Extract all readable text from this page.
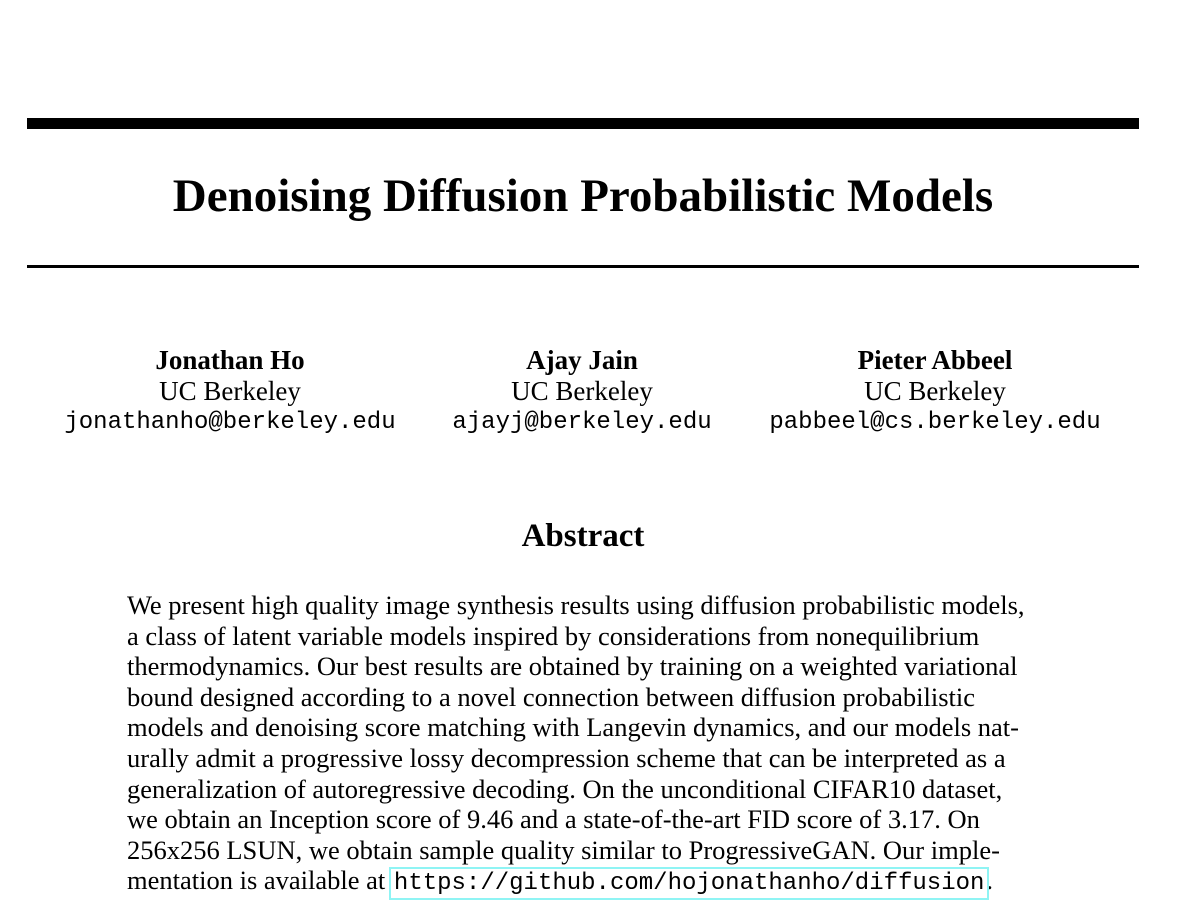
Denoising Diffusion Probabilistic Models
Jonathan Ho
UC Berkeley
jonathanho@berkeley.edu
Ajay Jain
UC Berkeley
ajayj@berkeley.edu
Pieter Abbeel
UC Berkeley
pabbeel@cs.berkeley.edu
Abstract
We present high quality image synthesis results using diffusion probabilistic models,
a class of latent variable models inspired by considerations from nonequilibrium
thermodynamics. Our best results are obtained by training on a weighted variational
bound designed according to a novel connection between diffusion probabilistic
models and denoising score matching with Langevin dynamics, and our models nat-
urally admit a progressive lossy decompression scheme that can be interpreted as a
generalization of autoregressive decoding. On the unconditional CIFAR10 dataset,
we obtain an Inception score of 9.46 and a state-of-the-art FID score of 3.17. On
256x256 LSUN, we obtain sample quality similar to ProgressiveGAN. Our imple-
mentation is available at https://github.com/hojonathanho/diffusion.
